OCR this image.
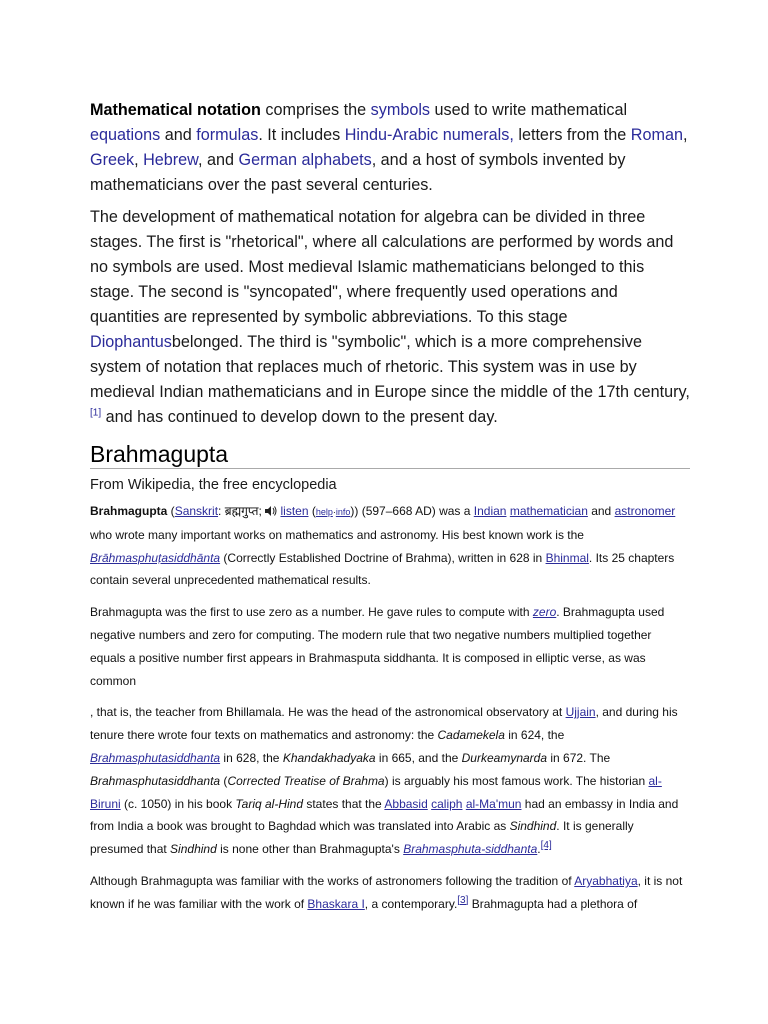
Mathematical notation comprises the symbols used to write mathematical equations and formulas. It includes Hindu-Arabic numerals, letters from the Roman, Greek, Hebrew, and German alphabets, and a host of symbols invented by mathematicians over the past several centuries.

The development of mathematical notation for algebra can be divided in three stages. The first is "rhetorical", where all calculations are performed by words and no symbols are used. Most medieval Islamic mathematicians belonged to this stage. The second is "syncopated", where frequently used operations and quantities are represented by symbolic abbreviations. To this stage Diophantusbelonged. The third is "symbolic", which is a more comprehensive system of notation that replaces much of rhetoric. This system was in use by medieval Indian mathematicians and in Europe since the middle of the 17th century,[1] and has continued to develop down to the present day.

Brahmagupta
From Wikipedia, the free encyclopedia

Brahmagupta (Sanskrit: ब्रह्मगुप्त;  listen (help·info)) (597–668 AD) was a Indian mathematician and astronomer who wrote many important works on mathematics and astronomy. His best known work is the Brāhmasphuṭasiddhānta (Correctly Established Doctrine of Brahma), written in 628 in Bhinmal. Its 25 chapters contain several unprecedented mathematical results.

Brahmagupta was the first to use zero as a number. He gave rules to compute with zero. Brahmagupta used negative numbers and zero for computing. The modern rule that two negative numbers multiplied together equals a positive number first appears in Brahmasputa siddhanta. It is composed in elliptic verse, as was common

, that is, the teacher from Bhillamala. He was the head of the astronomical observatory at Ujjain, and during his tenure there wrote four texts on mathematics and astronomy: the Cadamekela in 624, the Brahmasphutasiddhanta in 628, the Khandakhadyaka in 665, and the Durkeamynarda in 672. The Brahmasphutasiddhanta (Corrected Treatise of Brahma) is arguably his most famous work. The historian al-Biruni (c. 1050) in his book Tariq al-Hind states that the Abbasid caliph al-Ma'mun had an embassy in India and from India a book was brought to Baghdad which was translated into Arabic as Sindhind. It is generally presumed that Sindhind is none other than Brahmagupta's Brahmasphuta-siddhanta.[4]

Although Brahmagupta was familiar with the works of astronomers following the tradition of Aryabhatiya, it is not known if he was familiar with the work of Bhaskara I, a contemporary.[3] Brahmagupta had a plethora of
